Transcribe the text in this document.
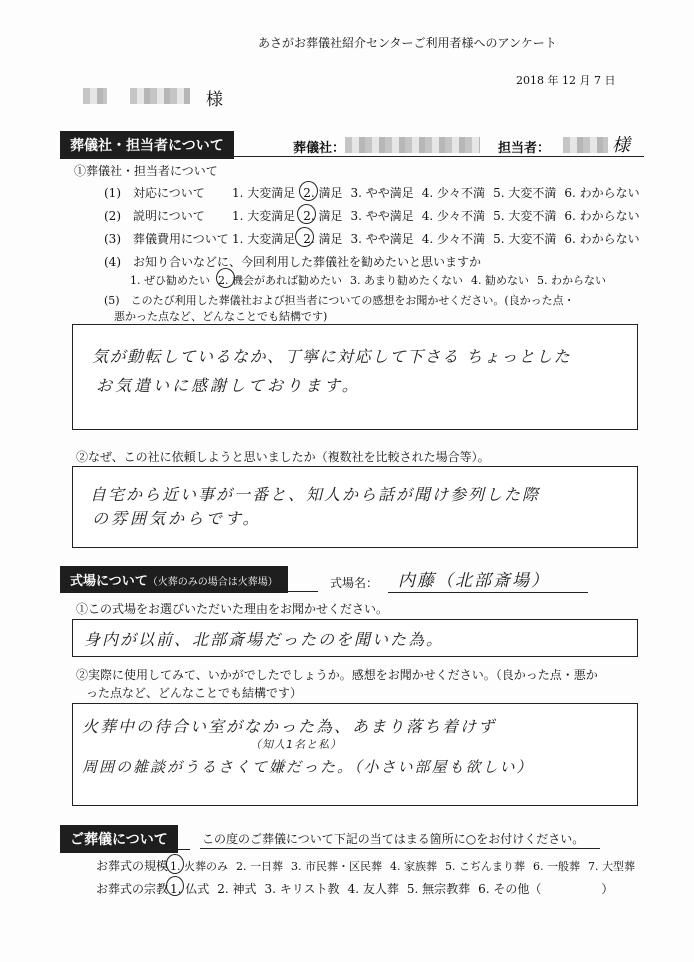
あさがお葬儀社紹介センターご利用者様へのアンケート
2018 年 12 月 7 日
様
葬儀社・担当者について	葬儀社：	担当者：	様
①葬儀社・担当者について
(1)　対応について 1. 大変満足 2. 満足 3. やや満足 4. 少々不満 5. 大変不満 6. わからない
(2)　説明について 1. 大変満足 2. 満足 3. やや満足 4. 少々不満 5. 大変不満 6. わからない
(3)　葬儀費用について 1. 大変満足 2. 満足 3. やや満足 4. 少々不満 5. 大変不満 6. わからない
(4)　お知り合いなどに、今回利用した葬儀社を勧めたいと思いますか
1. ぜひ勧めたい 2. 機会があれば勧めたい 3. あまり勧めたくない 4. 勧めない 5. わからない
(5)　このたび利用した葬儀社および担当者についての感想をお聞かせください。(良かった点・
悪かった点など、どんなことでも結構です)
気が動転しているなか、丁寧に対応して下さる ちょっとした
お気遣いに感謝しております。
②なぜ、この社に依頼しようと思いましたか（複数社を比較された場合等）。
自宅から近い事が一番と、知人から話が聞け参列した際
の雰囲気からです。
式場について（火葬のみの場合は火葬場）	式場名： 内藤（北部斎場）
①この式場をお選びいただいた理由をお聞かせください。
身内が以前、北部斎場だったのを聞いた為。
②実際に使用してみて、いかがでしたでしょうか。感想をお聞かせください。（良かった点・悪か
った点など、どんなことでも結構です）
火葬中の待合い室がなかった為、あまり落ち着けず
（知人1名と私）
周囲の雑談がうるさくて嫌だった。（小さい部屋も欲しい）
ご葬儀について	この度のご葬儀について下記の当てはまる箇所に○をお付けください。
お葬式の規模 1. 火葬のみ 2. 一日葬 3. 市民葬・区民葬 4. 家族葬 5. こぢんまり葬 6. 一般葬 7. 大型葬
お葬式の宗教 1. 仏式 2. 神式 3. キリスト教 4. 友人葬 5. 無宗教葬 6. その他（　　　　　）
